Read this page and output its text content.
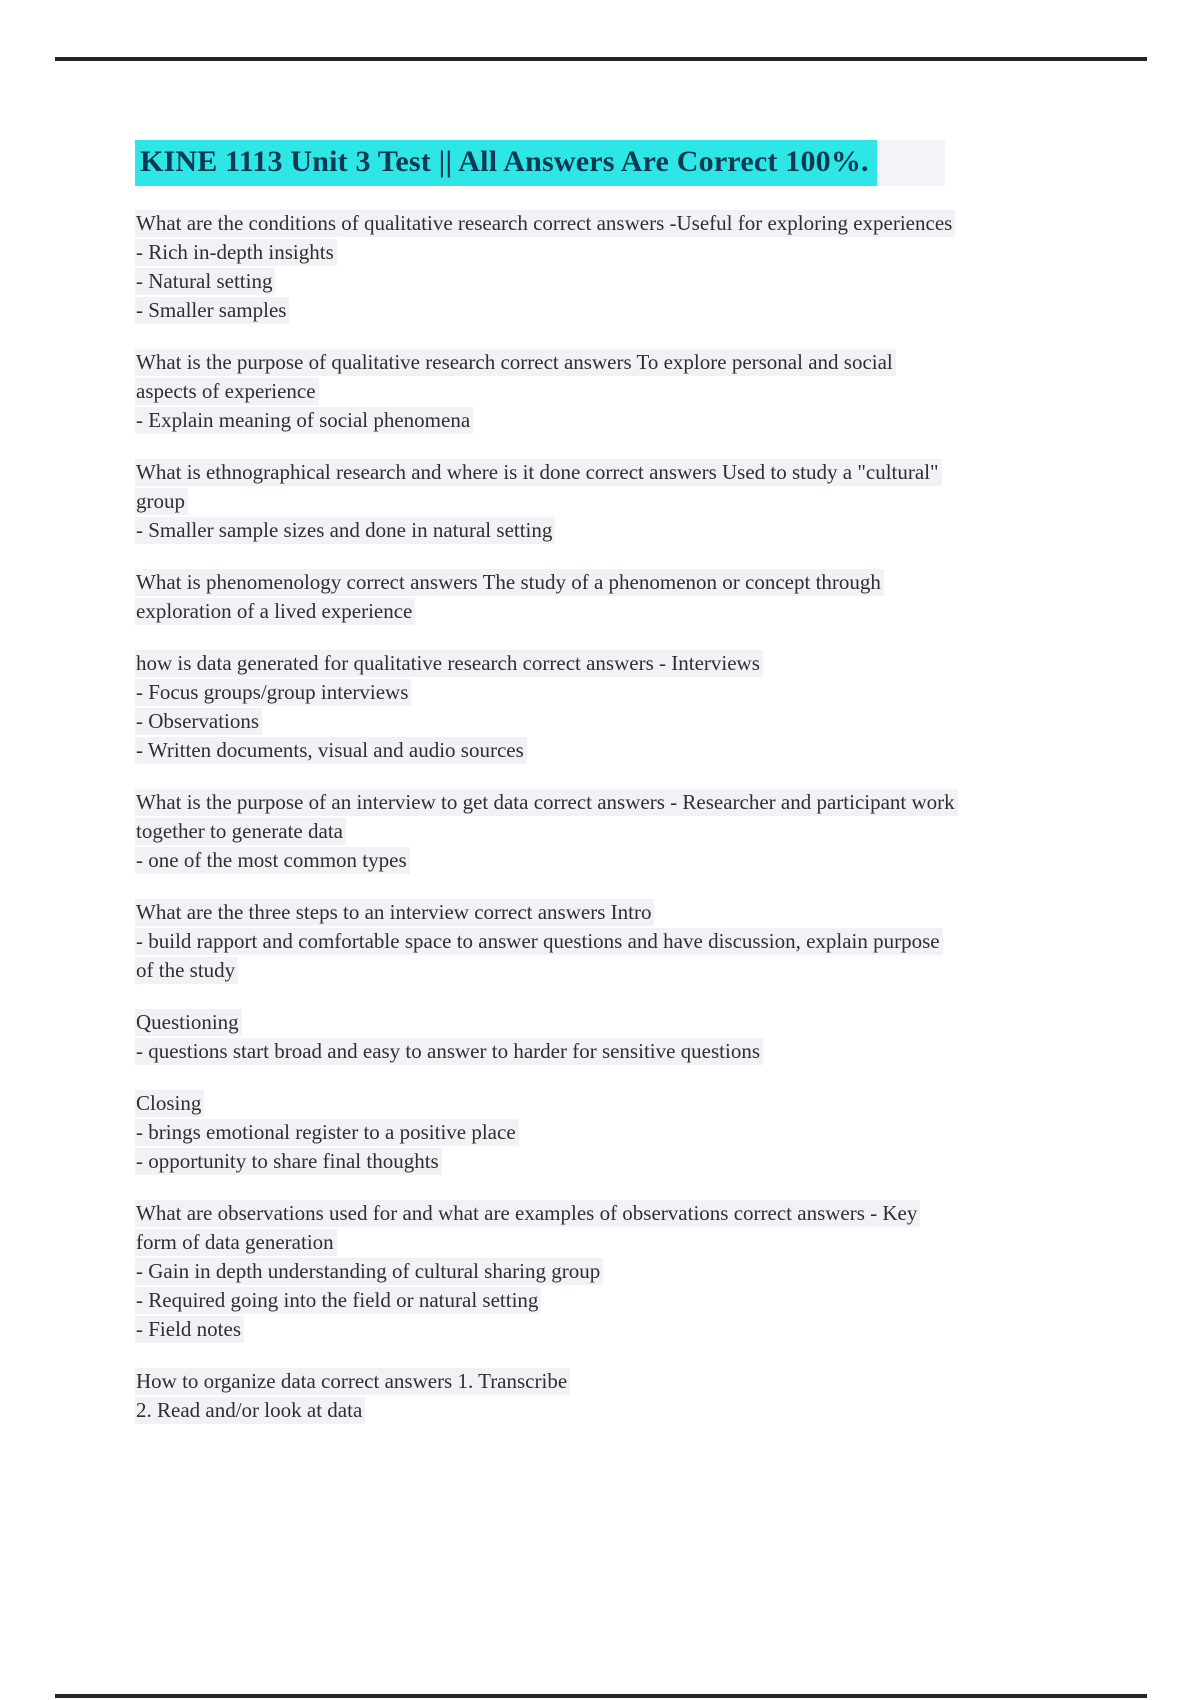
KINE 1113 Unit 3 Test || All Answers Are Correct 100%.
What are the conditions of qualitative research correct answers -Useful for exploring experiences
- Rich in-depth insights
- Natural setting
- Smaller samples
What is the purpose of qualitative research correct answers To explore personal and social
aspects of experience
- Explain meaning of social phenomena
What is ethnographical research and where is it done correct answers Used to study a "cultural"
group
- Smaller sample sizes and done in natural setting
What is phenomenology correct answers The study of a phenomenon or concept through
exploration of a lived experience
how is data generated for qualitative research correct answers - Interviews
- Focus groups/group interviews
- Observations
- Written documents, visual and audio sources
What is the purpose of an interview to get data correct answers - Researcher and participant work
together to generate data
- one of the most common types
What are the three steps to an interview correct answers Intro
- build rapport and comfortable space to answer questions and have discussion, explain purpose
of the study
Questioning
- questions start broad and easy to answer to harder for sensitive questions
Closing
- brings emotional register to a positive place
- opportunity to share final thoughts
What are observations used for and what are examples of observations correct answers - Key
form of data generation
- Gain in depth understanding of cultural sharing group
- Required going into the field or natural setting
- Field notes
How to organize data correct answers 1. Transcribe
2. Read and/or look at data
